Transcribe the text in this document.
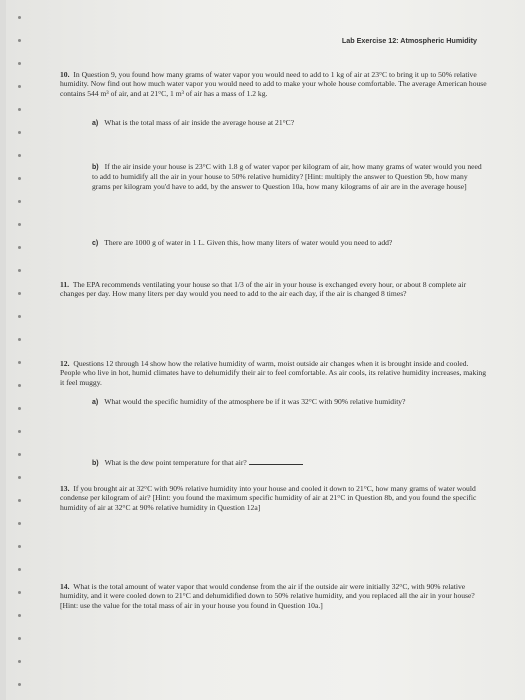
Lab Exercise 12: Atmospheric Humidity
10. In Question 9, you found how many grams of water vapor you would need to add to 1 kg of air at 23°C to bring it up to 50% relative humidity. Now find out how much water vapor you would need to add to make your whole house comfortable. The average American house contains 544 m³ of air, and at 21°C, 1 m³ of air has a mass of 1.2 kg.
a) What is the total mass of air inside the average house at 21°C?
b) If the air inside your house is 23°C with 1.8 g of water vapor per kilogram of air, how many grams of water would you need to add to humidify all the air in your house to 50% relative humidity? [Hint: multiply the answer to Question 9b, how many grams per kilogram you'd have to add, by the answer to Question 10a, how many kilograms of air are in the average house]
c) There are 1000 g of water in 1 L. Given this, how many liters of water would you need to add?
11. The EPA recommends ventilating your house so that 1/3 of the air in your house is exchanged every hour, or about 8 complete air changes per day. How many liters per day would you need to add to the air each day, if the air is changed 8 times?
12. Questions 12 through 14 show how the relative humidity of warm, moist outside air changes when it is brought inside and cooled. People who live in hot, humid climates have to dehumidify their air to feel comfortable. As air cools, its relative humidity increases, making it feel muggy.
a) What would the specific humidity of the atmosphere be if it was 32°C with 90% relative humidity?
b) What is the dew point temperature for that air?
13. If you brought air at 32°C with 90% relative humidity into your house and cooled it down to 21°C, how many grams of water would condense per kilogram of air? [Hint: you found the maximum specific humidity of air at 21°C in Question 8b, and you found the specific humidity of air at 32°C at 90% relative humidity in Question 12a]
14. What is the total amount of water vapor that would condense from the air if the outside air were initially 32°C, with 90% relative humidity, and it were cooled down to 21°C and dehumidified down to 50% relative humidity, and you replaced all the air in your house? [Hint: use the value for the total mass of air in your house you found in Question 10a.]
